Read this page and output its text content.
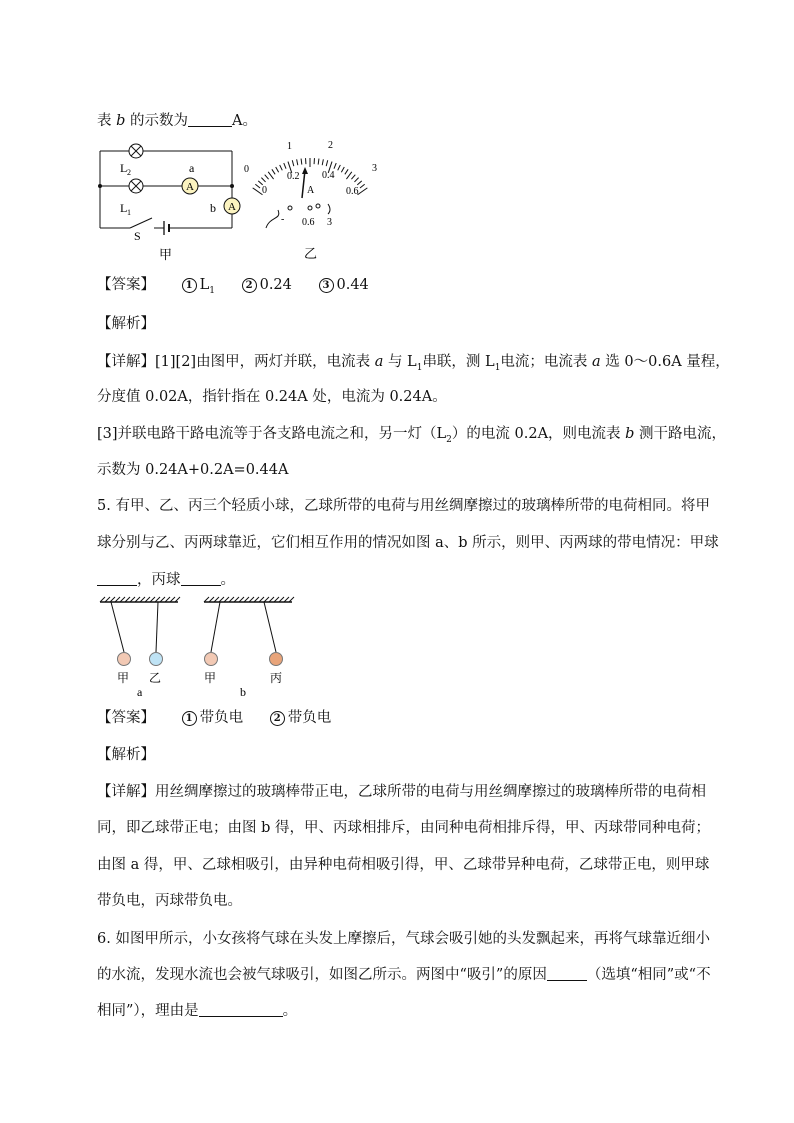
表 b 的示数为	A。
A
A
L 2
L 1
a
b
S
甲
0
1	2
3
0
0.2 0.4
0.6
A
- 0.6 3
乙
【答案】	1 $L_1$	2 0.24	3 0.44
【解析】
【详解】[1][2]由图甲，两灯并联，电流表 a 与 $L_1$串联，测 $L_1$电流；电流表 a 选 0～0.6A 量程，
分度值 0.02A，指针指在 0.24A 处，电流为 0.24A。
[3]并联电路干路电流等于各支路电流之和，另一灯$(L_2)$的电流 0.2A，则电流表 b 测干路电流，
示数为 0.24A+0.2A=0.44A
5. 有甲、乙、丙三个轻质小球，乙球所带的电荷与用丝绸摩擦过的玻璃棒所带的电荷相同。将甲
球分别与乙、丙两球靠近，它们相互作用的情况如图 a、b 所示，则甲、丙两球的带电情况：甲球
，丙球	。
甲 乙	甲	丙
a	b
【答案】	1 带负电	2 带负电
【解析】
【详解】用丝绸摩擦过的玻璃棒带正电，乙球所带的电荷与用丝绸摩擦过的玻璃棒所带的电荷相
同，即乙球带正电；由图 b 得，甲、丙球相排斥，由同种电荷相排斥得，甲、丙球带同种电荷；
由图 a 得，甲、乙球相吸引，由异种电荷相吸引得，甲、乙球带异种电荷，乙球带正电，则甲球
带负电，丙球带负电。
6. 如图甲所示，小女孩将气球在头发上摩擦后，气球会吸引她的头发飘起来，再将气球靠近细小
的水流，发现水流也会被气球吸引，如图乙所示。两图中“吸引”的原因	（选填“相同”或“不
相同”），理由是	。
